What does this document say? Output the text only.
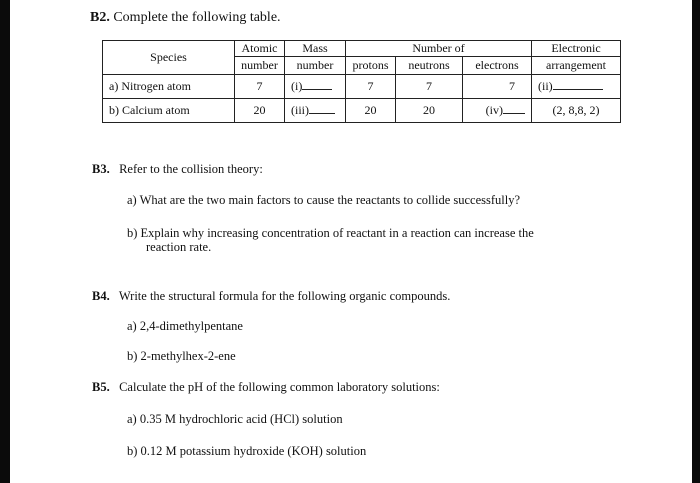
B2. Complete the following table.
Species	Atomic	Mass	Number of			Electronic
	number	number	protons	neutrons	electrons	arrangement
a) Nitrogen atom	7	(i)	7	7	7	(ii)
b) Calcium atom	20	(iii)	20	20	(iv)	(2, 8,8, 2)
B3. Refer to the collision theory:
a) What are the two main factors to cause the reactants to collide successfully?
b) Explain why increasing concentration of reactant in a reaction can increase the
reaction rate.
B4. Write the structural formula for the following organic compounds.
a) 2,4-dimethylpentane
b) 2-methylhex-2-ene
B5. Calculate the pH of the following common laboratory solutions:
a) 0.35 M hydrochloric acid (HCl) solution
b) 0.12 M potassium hydroxide (KOH) solution
